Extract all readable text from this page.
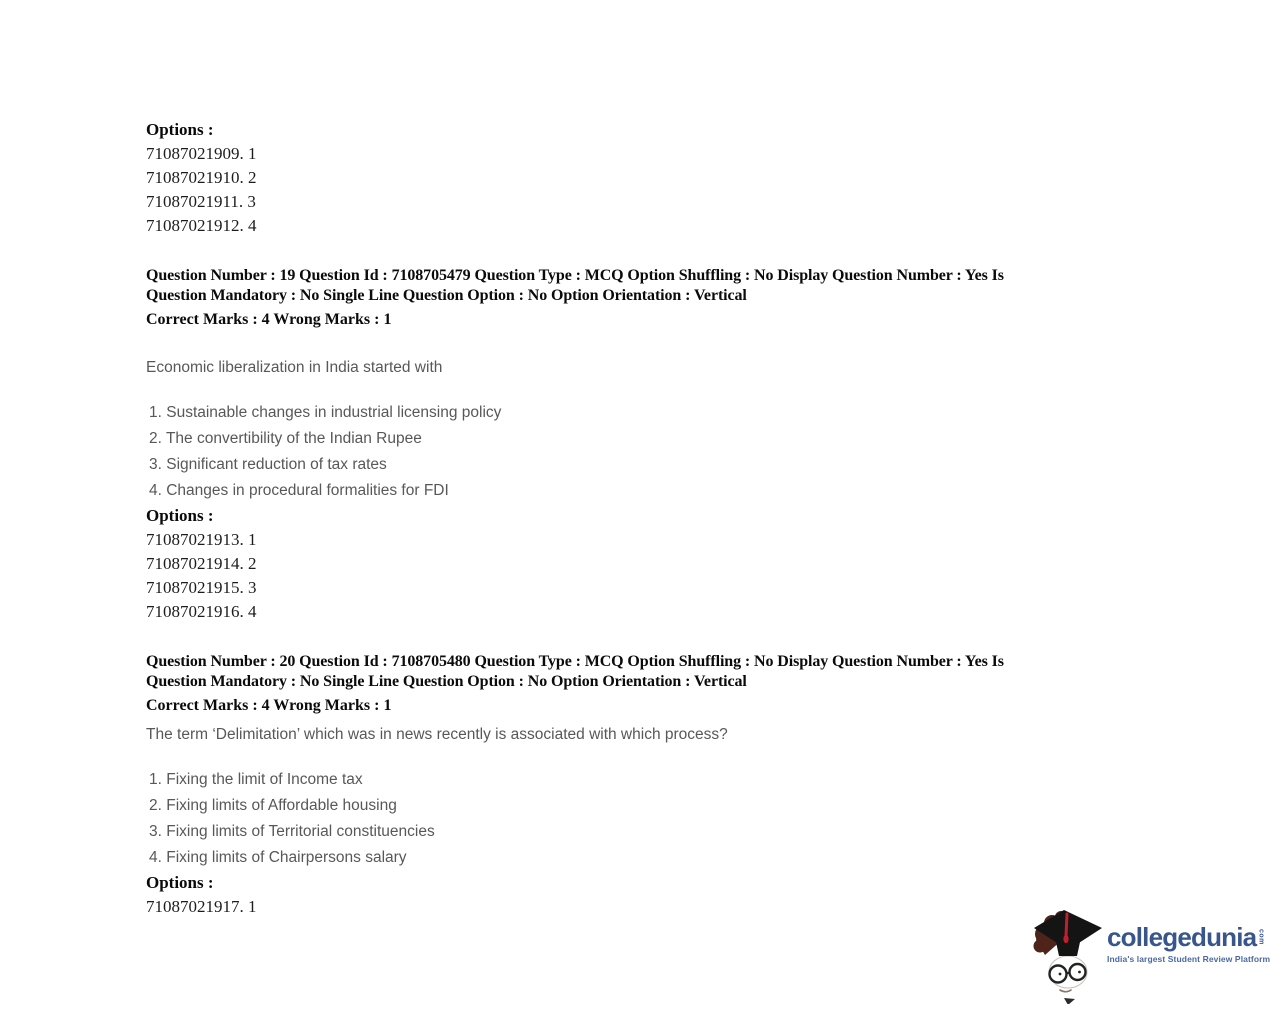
Options :
71087021909. 1
71087021910. 2
71087021911. 3
71087021912. 4
Question Number : 19 Question Id : 7108705479 Question Type : MCQ Option Shuffling : No Display Question Number : Yes Is
Question Mandatory : No Single Line Question Option : No Option Orientation : Vertical
Correct Marks : 4 Wrong Marks : 1
Economic liberalization in India started with
1. Sustainable changes in industrial licensing policy
2. The convertibility of the Indian Rupee
3. Significant reduction of tax rates
4. Changes in procedural formalities for FDI
Options :
71087021913. 1
71087021914. 2
71087021915. 3
71087021916. 4
Question Number : 20 Question Id : 7108705480 Question Type : MCQ Option Shuffling : No Display Question Number : Yes Is
Question Mandatory : No Single Line Question Option : No Option Orientation : Vertical
Correct Marks : 4 Wrong Marks : 1
The term ‘Delimitation’ which was in news recently is associated with which process?
1. Fixing the limit of Income tax
2. Fixing limits of Affordable housing
3. Fixing limits of Territorial constituencies
4. Fixing limits of Chairpersons salary
Options :
71087021917. 1
collegedunia com
India's largest Student Review Platform
